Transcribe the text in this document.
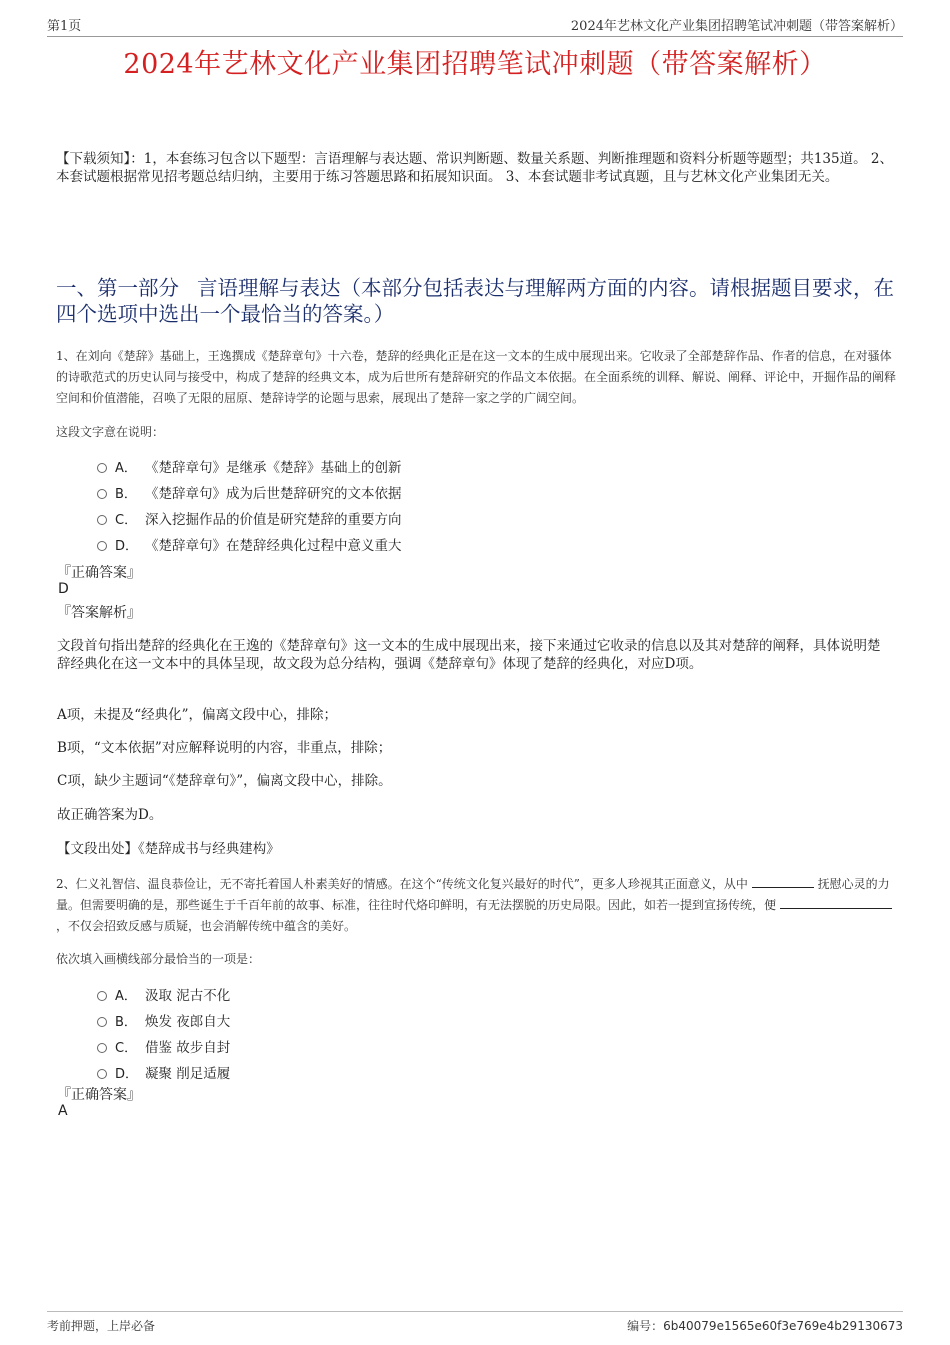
第1页	2024年艺林文化产业集团招聘笔试冲刺题（带答案解析）
2024年艺林文化产业集团招聘笔试冲刺题（带答案解析）
【下载须知】：1，本套练习包含以下题型：言语理解与表达题、常识判断题、数量关系题、判断推理题和资料分析题等题型；共135道。 2、本套试题根据常见招考题总结归纳，主要用于练习答题思路和拓展知识面。 3、本套试题非考试真题，且与艺林文化产业集团无关。
一、第一部分 言语理解与表达（本部分包括表达与理解两方面的内容。请根据题目要求，在四个选项中选出一个最恰当的答案。）
1、在刘向《楚辞》基础上，王逸撰成《楚辞章句》十六卷，楚辞的经典化正是在这一文本的生成中展现出来。它收录了全部楚辞作品、作者的信息，在对骚体的诗歌范式的历史认同与接受中，构成了楚辞的经典文本，成为后世所有楚辞研究的作品文本依据。在全面系统的训释、解说、阐释、评论中，开掘作品的阐释空间和价值潜能，召唤了无限的屈原、楚辞诗学的论题与思索，展现出了楚辞一家之学的广阔空间。
这段文字意在说明：
A． 《楚辞章句》是继承《楚辞》基础上的创新
B． 《楚辞章句》成为后世楚辞研究的文本依据
C． 深入挖掘作品的价值是研究楚辞的重要方向
D． 《楚辞章句》在楚辞经典化过程中意义重大
『正确答案』
D
『答案解析』
文段首句指出楚辞的经典化在王逸的《楚辞章句》这一文本的生成中展现出来，接下来通过它收录的信息以及其对楚辞的阐释，具体说明楚辞经典化在这一文本中的具体呈现，故文段为总分结构，强调《楚辞章句》体现了楚辞的经典化，对应D项。
A项，未提及“经典化”，偏离文段中心，排除；
B项，“文本依据”对应解释说明的内容，非重点，排除；
C项，缺少主题词“《楚辞章句》”，偏离文段中心，排除。
故正确答案为D。
【文段出处】《楚辞成书与经典建构》
2、仁义礼智信、温良恭俭让，无不寄托着国人朴素美好的情感。在这个“传统文化复兴最好的时代”，更多人珍视其正面意义，从中	抚慰心灵的力量。但需要明确的是，那些诞生于千百年前的故事、标准，往往时代烙印鲜明，有无法摆脱的历史局限。因此，如若一提到宣扬传统，便 ，不仅会招致反感与质疑，也会消解传统中蕴含的美好。
依次填入画横线部分最恰当的一项是：
A． 汲取 泥古不化
B． 焕发 夜郎自大
C． 借鉴 故步自封
D． 凝聚 削足适履
『正确答案』
A
考前押题，上岸必备	编号：6b40079e1565e60f3e769e4b29130673
